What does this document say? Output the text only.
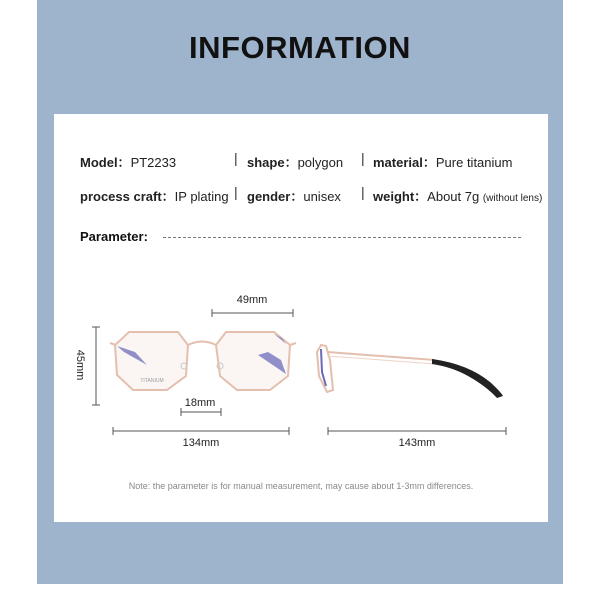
INFORMATION
Model：PT2233	| shape：polygon | material：Pure titanium
process craft：IP plating | gender：unisex | weight：About 7g (without lens)
Parameter:
TITANIUM
49mm
45mm
18mm
134mm	143mm
Note: the parameter is for manual measurement, may cause about 1-3mm differences.
